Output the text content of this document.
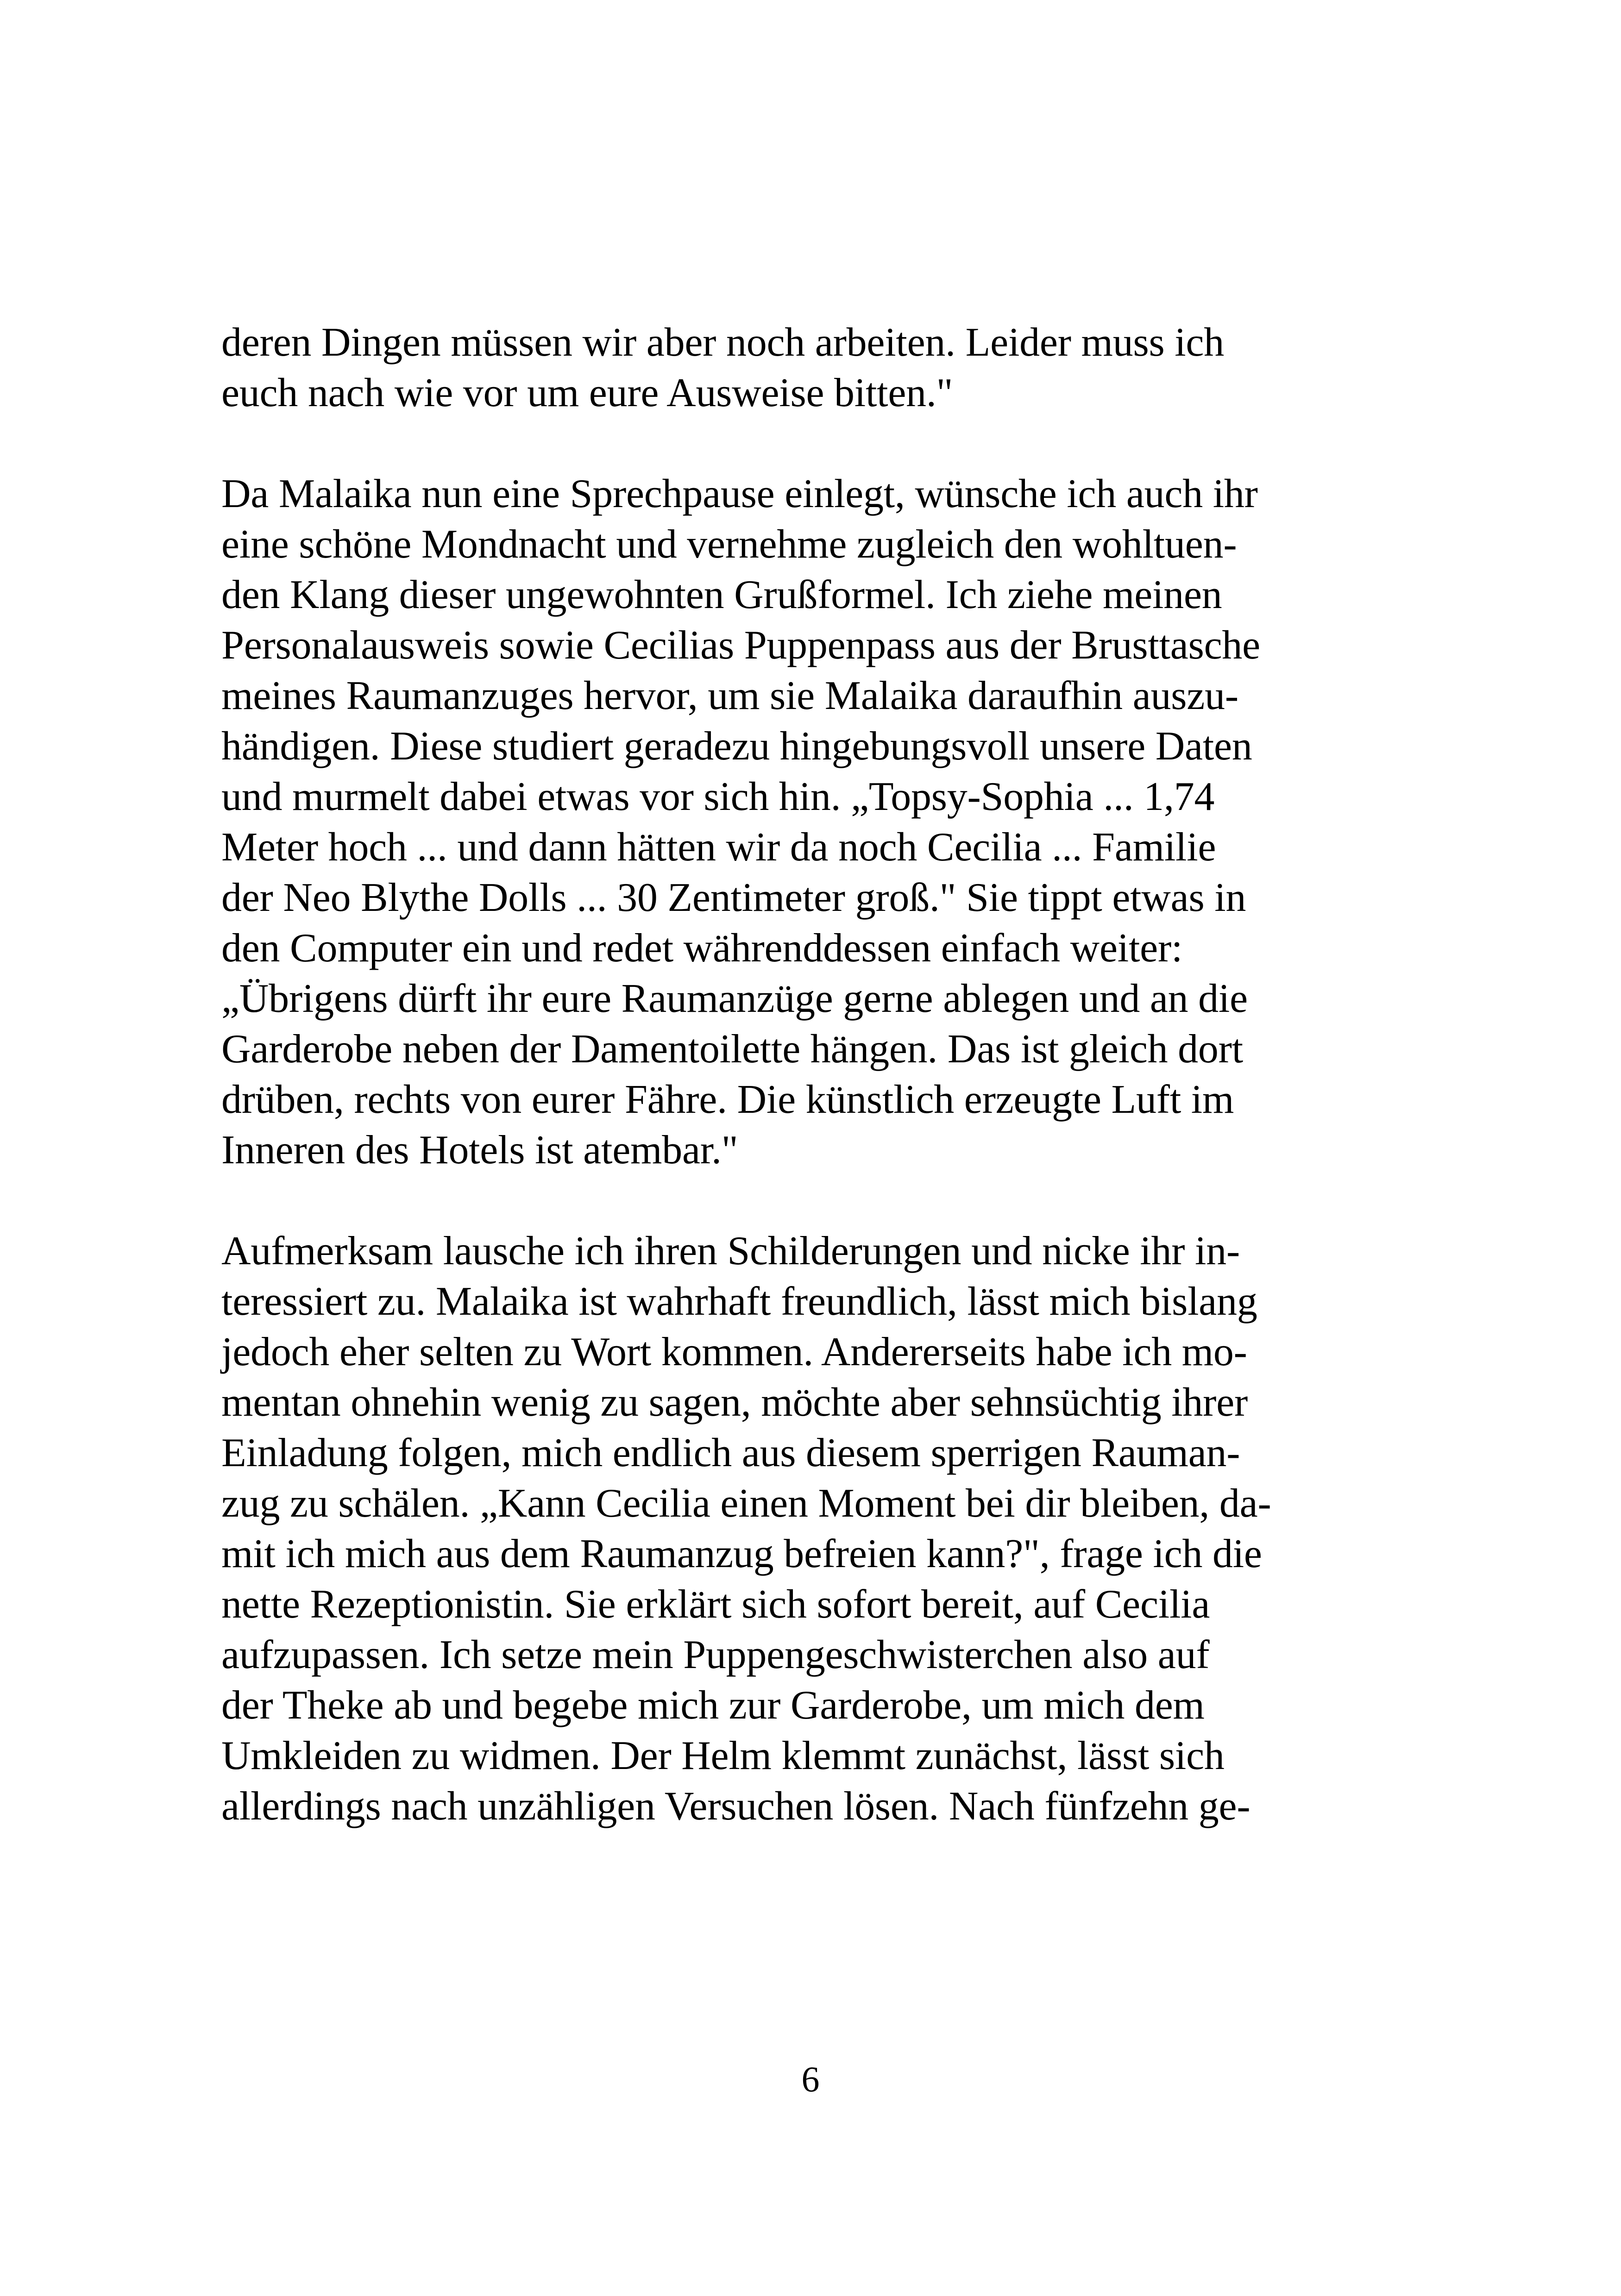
deren Dingen müssen wir aber noch arbeiten. Leider muss ich
euch nach wie vor um eure Ausweise bitten."
Da Malaika nun eine Sprechpause einlegt, wünsche ich auch ihr
eine schöne Mondnacht und vernehme zugleich den wohltuen-
den Klang dieser ungewohnten Grußformel. Ich ziehe meinen
Personalausweis sowie Cecilias Puppenpass aus der Brusttasche
meines Raumanzuges hervor, um sie Malaika daraufhin auszu-
händigen. Diese studiert geradezu hingebungsvoll unsere Daten
und murmelt dabei etwas vor sich hin. „Topsy-Sophia ... 1,74
Meter hoch ... und dann hätten wir da noch Cecilia ... Familie
der Neo Blythe Dolls ... 30 Zentimeter groß." Sie tippt etwas in
den Computer ein und redet währenddessen einfach weiter:
„Übrigens dürft ihr eure Raumanzüge gerne ablegen und an die
Garderobe neben der Damentoilette hängen. Das ist gleich dort
drüben, rechts von eurer Fähre. Die künstlich erzeugte Luft im
Inneren des Hotels ist atembar."
Aufmerksam lausche ich ihren Schilderungen und nicke ihr in-
teressiert zu. Malaika ist wahrhaft freundlich, lässt mich bislang
jedoch eher selten zu Wort kommen. Andererseits habe ich mo-
mentan ohnehin wenig zu sagen, möchte aber sehnsüchtig ihrer
Einladung folgen, mich endlich aus diesem sperrigen Rauman-
zug zu schälen. „Kann Cecilia einen Moment bei dir bleiben, da-
mit ich mich aus dem Raumanzug befreien kann?", frage ich die
nette Rezeptionistin. Sie erklärt sich sofort bereit, auf Cecilia
aufzupassen. Ich setze mein Puppengeschwisterchen also auf
der Theke ab und begebe mich zur Garderobe, um mich dem
Umkleiden zu widmen. Der Helm klemmt zunächst, lässt sich
allerdings nach unzähligen Versuchen lösen. Nach fünfzehn ge-
6
